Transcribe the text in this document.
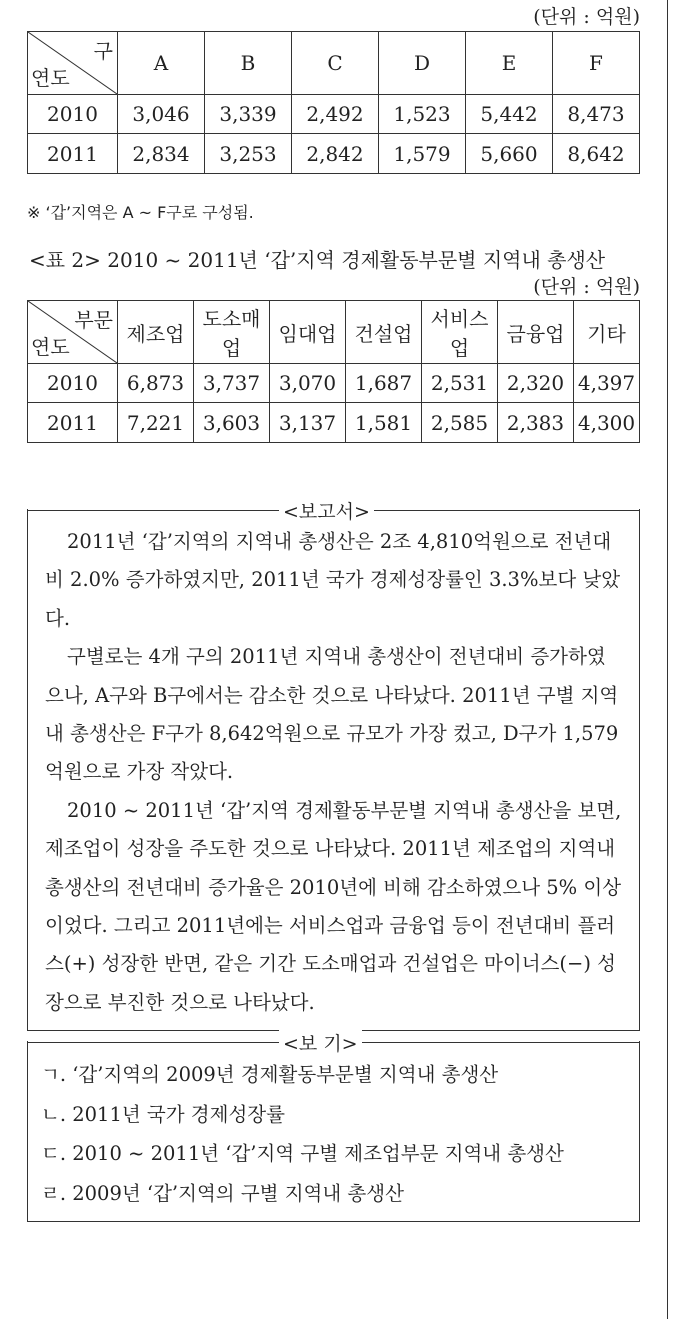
(단위 : 억원)
구
연도	A	B	C	D	E	F
2010	3,046	3,339	2,492	1,523	5,442	8,473
2011	2,834	3,253	2,842	1,579	5,660	8,642
※ ‘갑’지역은 A ~ F구로 구성됨.
<표 2> 2010 ~ 2011년 ‘갑’지역 경제활동부문별 지역내 총생산
(단위 : 억원)
부문
연도	제조업	도소매업	임대업	건설업	서비스업	금융업	기타
2010	6,873	3,737	3,070	1,687	2,531	2,320	4,397
2011	7,221	3,603	3,137	1,581	2,585	2,383	4,300
<보고서>

2011년 ‘갑’지역의 지역내 총생산은 2조 4,810억원으로 전년대비 2.0% 증가하였지만, 2011년 국가 경제성장률인 3.3%보다 낮았다.

구별로는 4개 구의 2011년 지역내 총생산이 전년대비 증가하였으나, A구와 B구에서는 감소한 것으로 나타났다. 2011년 구별 지역내 총생산은 F구가 8,642억원으로 규모가 가장 컸고, D구가 1,579억원으로 가장 작았다.

2010 ~ 2011년 ‘갑’지역 경제활동부문별 지역내 총생산을 보면, 제조업이 성장을 주도한 것으로 나타났다. 2011년 제조업의 지역내 총생산의 전년대비 증가율은 2010년에 비해 감소하였으나 5% 이상이었다. 그리고 2011년에는 서비스업과 금융업 등이 전년대비 플러스(+) 성장한 반면, 같은 기간 도소매업과 건설업은 마이너스(−) 성장으로 부진한 것으로 나타났다.

<보 기>
ㄱ. ‘갑’지역의 2009년 경제활동부문별 지역내 총생산
ㄴ. 2011년 국가 경제성장률
ㄷ. 2010 ~ 2011년 ‘갑’지역 구별 제조업부문 지역내 총생산
ㄹ. 2009년 ‘갑’지역의 구별 지역내 총생산
